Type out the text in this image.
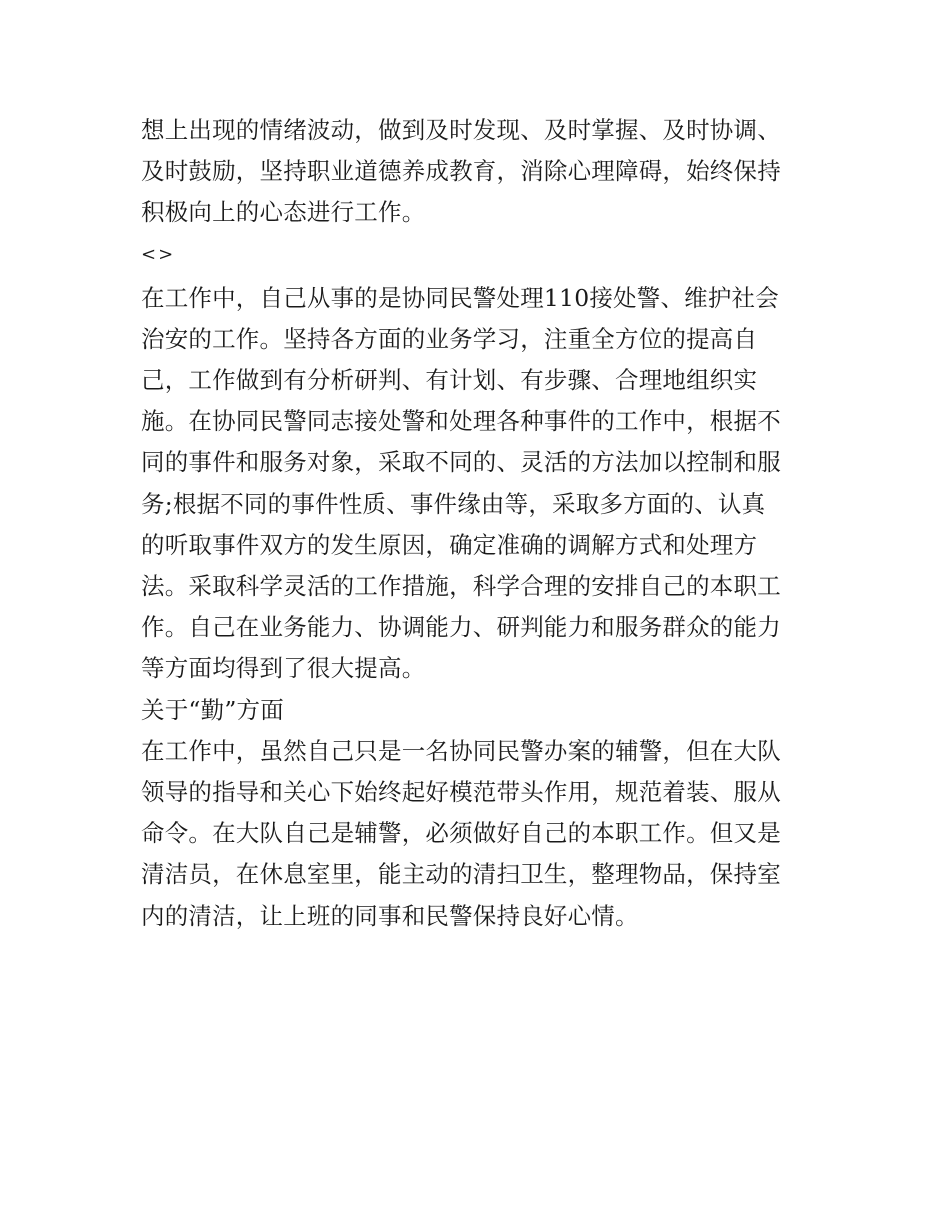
想上出现的情绪波动，做到及时发现、及时掌握、及时协调、
及时鼓励，坚持职业道德养成教育，消除心理障碍，始终保持
积极向上的心态进行工作。

<>

在工作中，自己从事的是协同民警处理110接处警、维护社会
治安的工作。坚持各方面的业务学习，注重全方位的提高自
己，工作做到有分析研判、有计划、有步骤、合理地组织实
施。在协同民警同志接处警和处理各种事件的工作中，根据不
同的事件和服务对象，采取不同的、灵活的方法加以控制和服
务;根据不同的事件性质、事件缘由等，采取多方面的、认真
的听取事件双方的发生原因，确定准确的调解方式和处理方
法。采取科学灵活的工作措施，科学合理的安排自己的本职工
作。自己在业务能力、协调能力、研判能力和服务群众的能力
等方面均得到了很大提高。

关于“勤”方面

在工作中，虽然自己只是一名协同民警办案的辅警，但在大队
领导的指导和关心下始终起好模范带头作用，规范着装、服从
命令。在大队自己是辅警，必须做好自己的本职工作。但又是
清洁员，在休息室里，能主动的清扫卫生，整理物品，保持室
内的清洁，让上班的同事和民警保持良好心情。
